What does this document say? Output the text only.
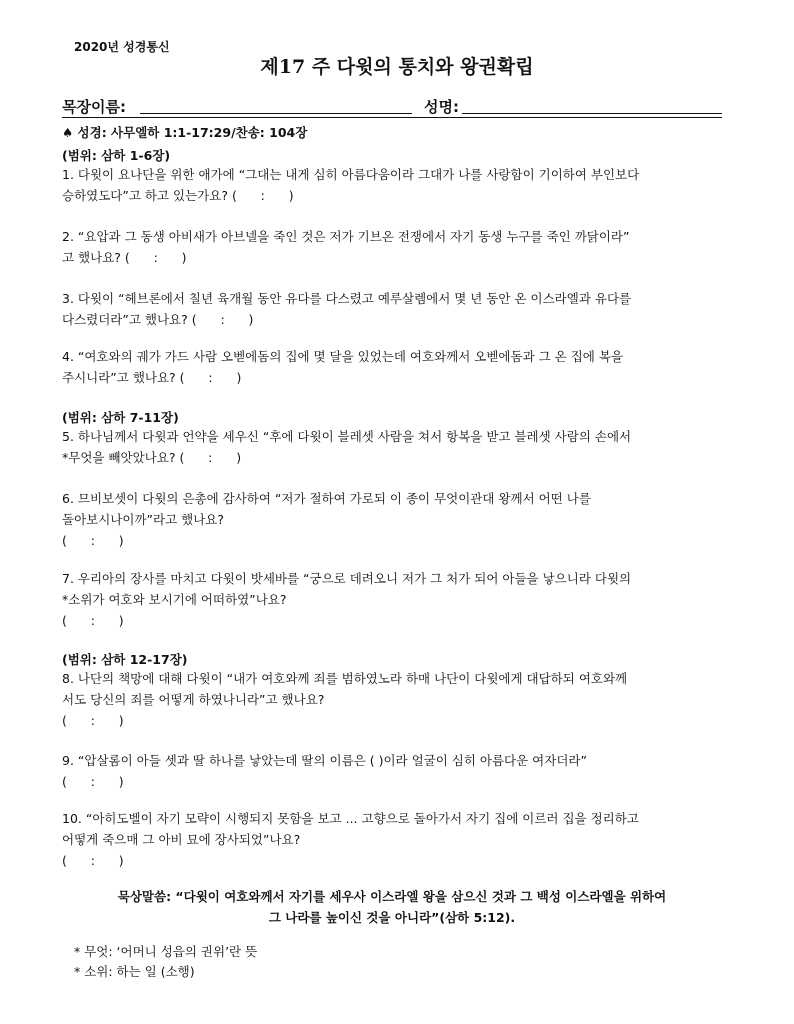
2020년 성경통신
제17 주 다윗의 통치와 왕권확립
목장이름:	성명:
♠ 성경: 사무엘하 1:1-17:29/찬송: 104장
(범위: 삼하 1-6장)
1. 다윗이 요나단을 위한 애가에 “그대는 내게 심히 아름다움이라 그대가 나를 사랑함이 기이하여 부인보다
승하였도다”고 하고 있는가요? (      :      )
2. “요압과 그 동생 아비새가 아브넬을 죽인 것은 저가 기브온 전쟁에서 자기 동생 누구를 죽인 까닭이라”
고 했나요? (      :      )
3. 다윗이 “헤브론에서 칠년 육개월 동안 유다를 다스렸고 예루살렘에서 몇 년 동안 온 이스라엘과 유다를
다스렸더라”고 했나요? (      :      )
4. “여호와의 궤가 가드 사람 오벧에돔의 집에 몇 달을 있었는데 여호와께서 오벧에돔과 그 온 집에 복을
주시니라”고 했나요? (      :      )
(범위: 삼하 7-11장)
5. 하나님께서 다윗과 언약을 세우신 “후에 다윗이 블레셋 사람을 쳐서 항복을 받고 블레셋 사람의 손에서
*무엇을 빼앗았나요? (      :      )
6. 므비보셋이 다윗의 은총에 감사하여 “저가 절하여 가로되 이 종이 무엇이관대 왕께서 어떤 나를
돌아보시나이까”라고 했나요?
(      :      )
7. 우리아의 장사를 마치고 다윗이 밧세바를 “궁으로 데려오니 저가 그 처가 되어 아들을 낳으니라 다윗의
*소위가 여호와 보시기에 어떠하였”나요?
(      :      )
(범위: 삼하 12-17장)
8. 나단의 책망에 대해 다윗이 “내가 여호와께 죄를 범하였노라 하매 나단이 다윗에게 대답하되 여호와께
서도 당신의 죄를 어떻게 하였나니라”고 했나요?
(      :      )
9. “압살롬이 아들 셋과 딸 하나를 낳았는데 딸의 이름은 ( )이라 얼굴이 심히 아름다운 여자더라”
(      :      )
10. “아히도벨이 자기 모략이 시행되지 못함을 보고 ... 고향으로 돌아가서 자기 집에 이르러 집을 정리하고
어떻게 죽으매 그 아비 묘에 장사되었”나요?
(      :      )
묵상말씀: “다윗이 여호와께서 자기를 세우사 이스라엘 왕을 삼으신 것과 그 백성 이스라엘을 위하여
그 나라를 높이신 것을 아니라”(삼하 5:12).
* 무엇: ‘어머니 성읍의 권위’란 뜻
* 소위: 하는 일 (소행)
